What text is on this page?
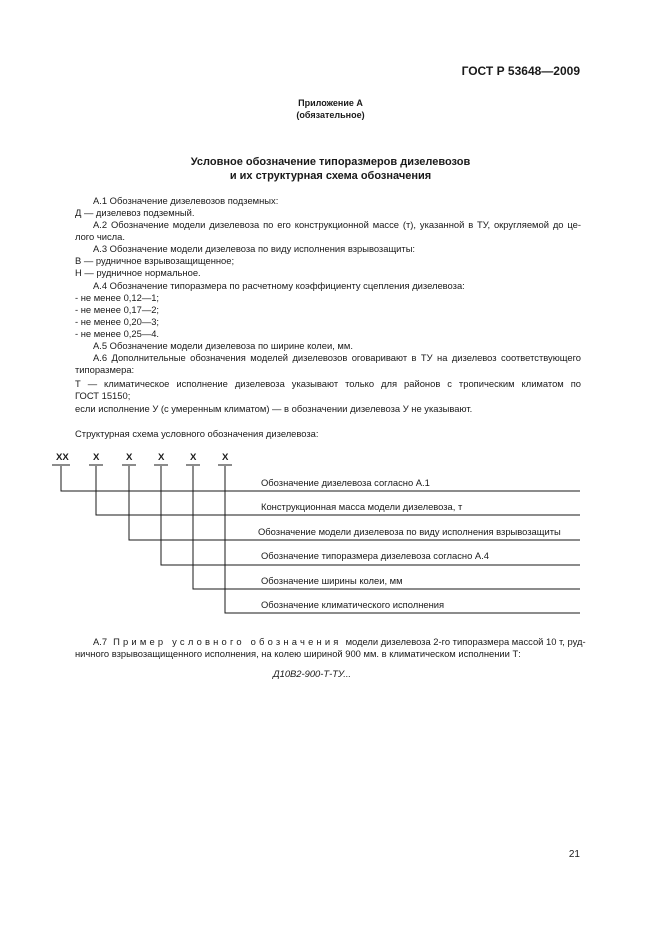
ГОСТ Р 53648—2009
Приложение А
(обязательное)
Условное обозначение типоразмеров дизелевозов
и их структурная схема обозначения
А.1 Обозначение дизелевозов подземных:
Д — дизелевоз подземный.
А.2 Обозначение модели дизелевоза по его конструкционной массе (т), указанной в ТУ, округляемой до це-
лого числа.
А.3 Обозначение модели дизелевоза по виду исполнения взрывозащиты:
В — рудничное взрывозащищенное;
Н — рудничное нормальное.
А.4 Обозначение типоразмера по расчетному коэффициенту сцепления дизелевоза:
- не менее 0,12—1;
- не менее 0,17—2;
- не менее 0,20—3;
- не менее 0,25—4.
А.5 Обозначение модели дизелевоза по ширине колеи, мм.
А.6 Дополнительные обозначения моделей дизелевозов оговаривают в ТУ на дизелевоз соответствующего
типоразмера:
Т — климатическое исполнение дизелевоза указывают только для районов с тропическим климатом по
ГОСТ 15150;
если исполнение У (с умеренным климатом) — в обозначении дизелевоза У не указывают.
Структурная схема условного обозначения дизелевоза:
XX	X	X	X	X	X
Обозначение дизелевоза согласно А.1
Конструкционная масса модели дизелевоза, т
Обозначение модели дизелевоза по виду исполнения взрывозащиты
Обозначение типоразмера дизелевоза согласно А.4
Обозначение ширины колеи, мм
Обозначение климатического исполнения
А.7 Пример условного обозначения модели дизелевоза 2-го типоразмера массой 10 т, руд-
ничного взрывозащищенного исполнения, на колею шириной 900 мм. в климатическом исполнении Т:
Д10В2-900-Т-ТУ...
21
